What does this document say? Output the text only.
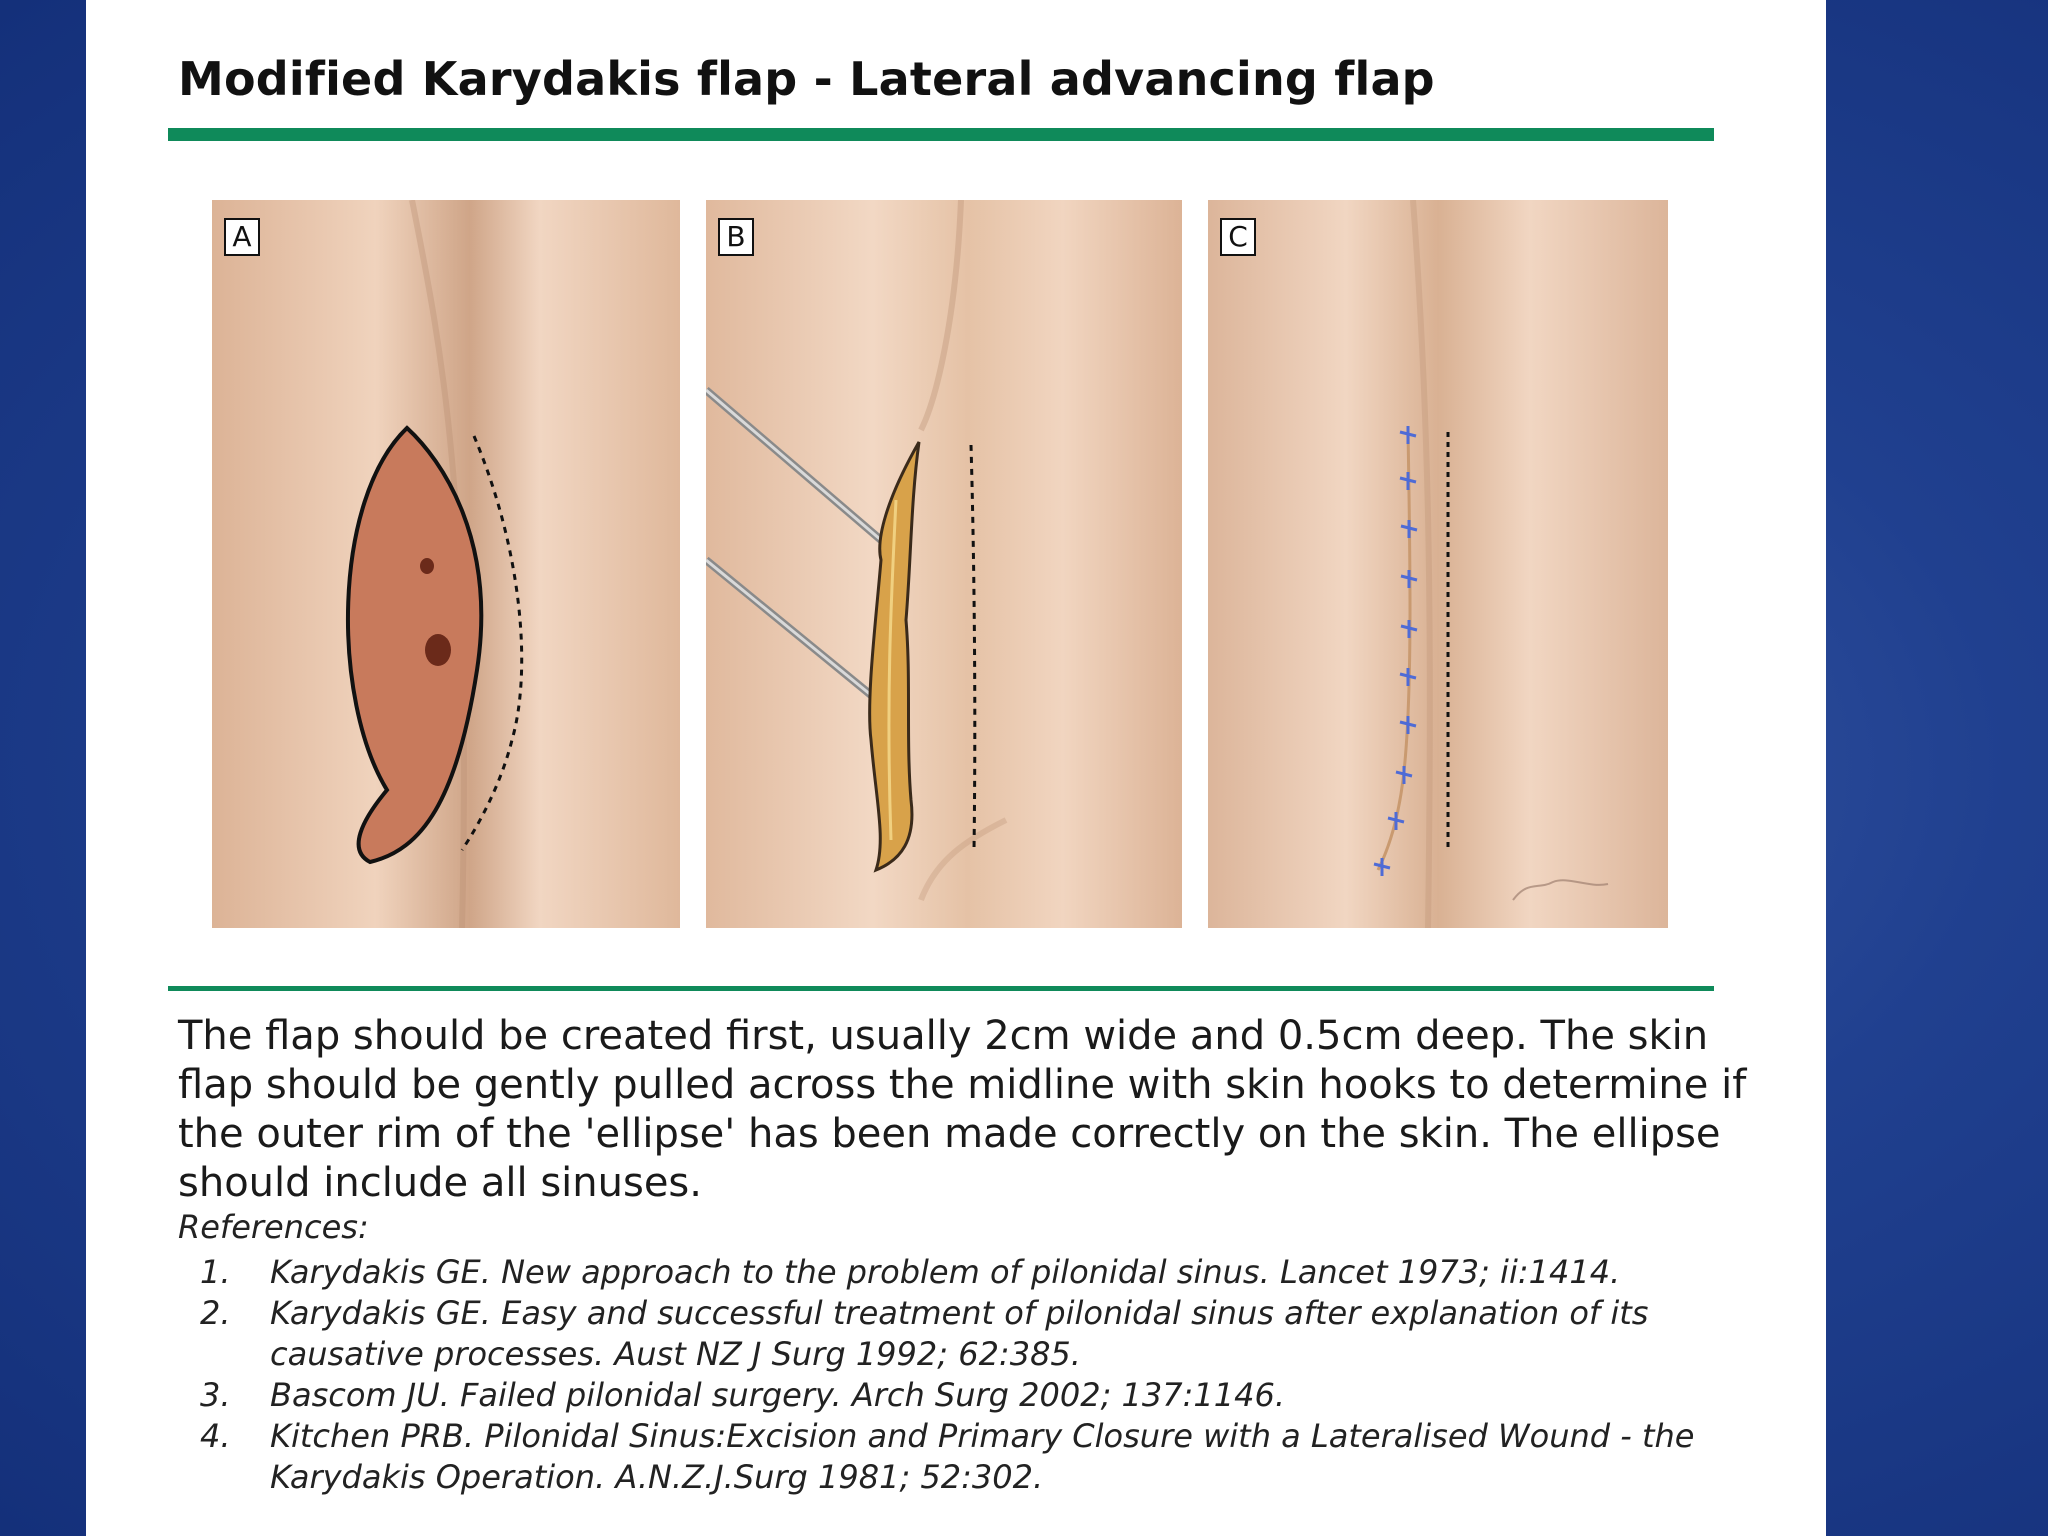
Modified Karydakis flap - Lateral advancing flap
A	B	C

The flap should be created first, usually 2cm wide and 0.5cm deep. The skin flap should be gently pulled across the midline with skin hooks to determine if the outer rim of the 'ellipse' has been made correctly on the skin. The ellipse should include all sinuses.

References:

1. Karydakis GE. New approach to the problem of pilonidal sinus. Lancet 1973; ii:1414.
2. Karydakis GE. Easy and successful treatment of pilonidal sinus after explanation of its causative processes. Aust NZ J Surg 1992; 62:385.
3. Bascom JU. Failed pilonidal surgery. Arch Surg 2002; 137:1146.
4. Kitchen PRB. Pilonidal Sinus:Excision and Primary Closure with a Lateralised Wound - the Karydakis Operation. A.N.Z.J.Surg 1981; 52:302.
